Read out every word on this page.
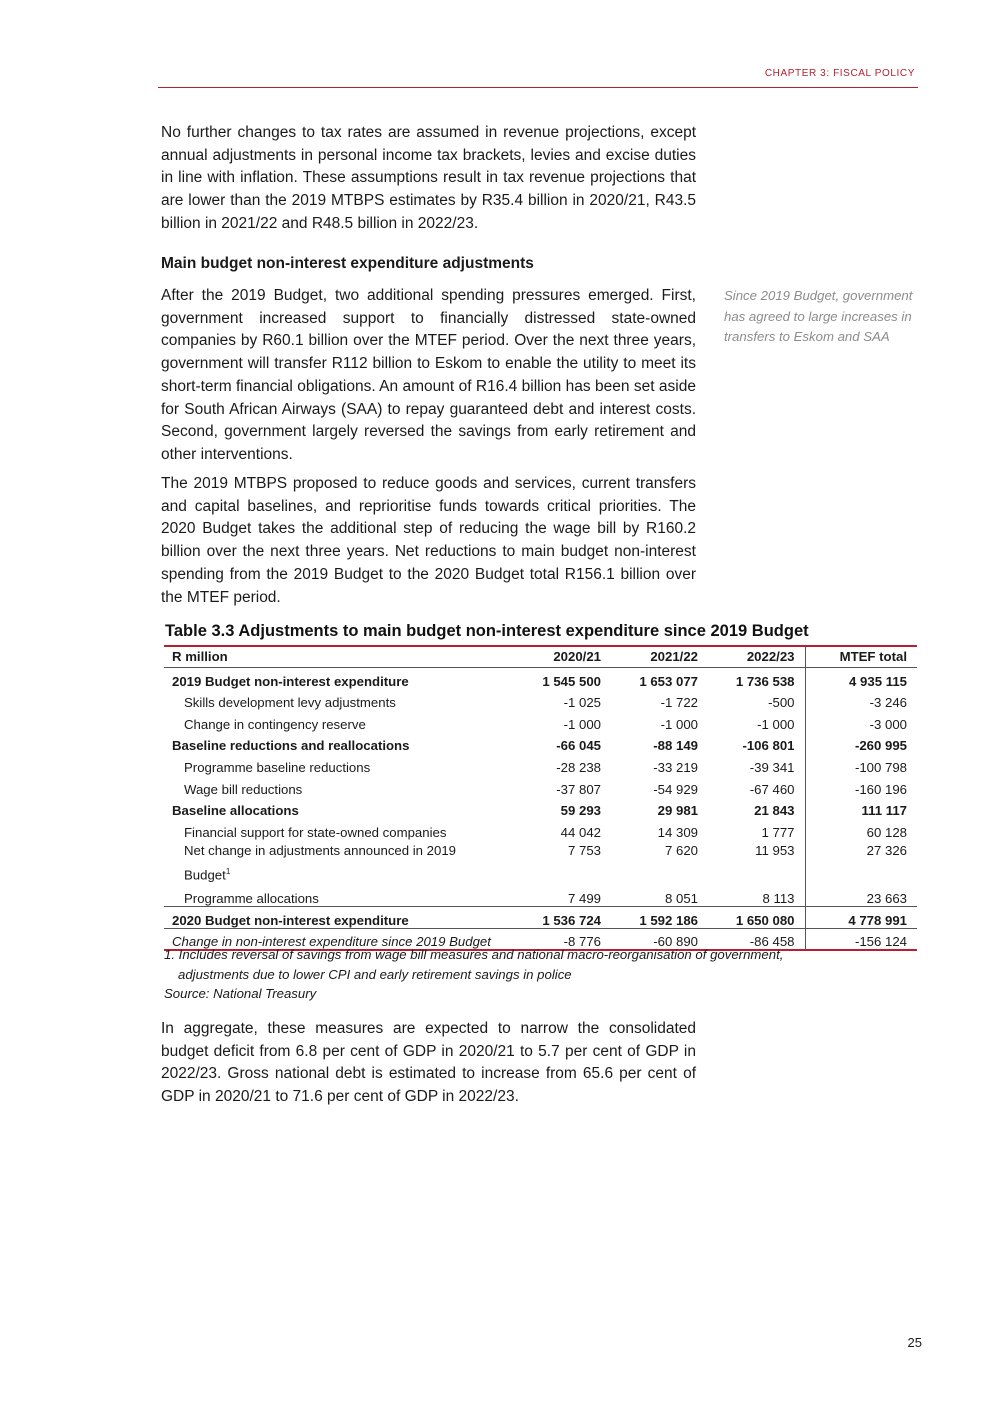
CHAPTER 3: FISCAL POLICY

No further changes to tax rates are assumed in revenue projections, except annual adjustments in personal income tax brackets, levies and excise duties in line with inflation. These assumptions result in tax revenue projections that are lower than the 2019 MTBPS estimates by R35.4 billion in 2020/21, R43.5 billion in 2021/22 and R48.5 billion in 2022/23.

Main budget non-interest expenditure adjustments

After the 2019 Budget, two additional spending pressures emerged. First, government increased support to financially distressed state-owned companies by R60.1 billion over the MTEF period. Over the next three years, government will transfer R112 billion to Eskom to enable the utility to meet its short-term financial obligations. An amount of R16.4 billion has been set aside for South African Airways (SAA) to repay guaranteed debt and interest costs. Second, government largely reversed the savings from early retirement and other interventions.

Since 2019 Budget, government has agreed to large increases in transfers to Eskom and SAA

The 2019 MTBPS proposed to reduce goods and services, current transfers and capital baselines, and reprioritise funds towards critical priorities. The 2020 Budget takes the additional step of reducing the wage bill by R160.2 billion over the next three years. Net reductions to main budget non-interest spending from the 2019 Budget to the 2020 Budget total R156.1 billion over the MTEF period.

Table 3.3 Adjustments to main budget non-interest expenditure since 2019 Budget
R million	2020/21	2021/22	2022/23	MTEF total
2019 Budget non-interest expenditure	1 545 500	1 653 077	1 736 538	4 935 115
Skills development levy adjustments	-1 025	-1 722	-500	-3 246
Change in contingency reserve	-1 000	-1 000	-1 000	-3 000
Baseline reductions and reallocations	-66 045	-88 149	-106 801	-260 995
Programme baseline reductions	-28 238	-33 219	-39 341	-100 798
Wage bill reductions	-37 807	-54 929	-67 460	-160 196
Baseline allocations	59 293	29 981	21 843	111 117
Financial support for state-owned companies	44 042	14 309	1 777	60 128
Net change in adjustments announced in 2019 Budget$^1$	7 753	7 620	11 953	27 326
Programme allocations	7 499	8 051	8 113	23 663
2020 Budget non-interest expenditure	1 536 724	1 592 186	1 650 080	4 778 991
Change in non-interest expenditure since 2019 Budget	-8 776	-60 890	-86 458	-156 124
1. Includes reversal of savings from wage bill measures and national macro-reorganisation of government,
adjustments due to lower CPI and early retirement savings in police
Source: National Treasury

In aggregate, these measures are expected to narrow the consolidated budget deficit from 6.8 per cent of GDP in 2020/21 to 5.7 per cent of GDP in 2022/23. Gross national debt is estimated to increase from 65.6 per cent of GDP in 2020/21 to 71.6 per cent of GDP in 2022/23.

25
